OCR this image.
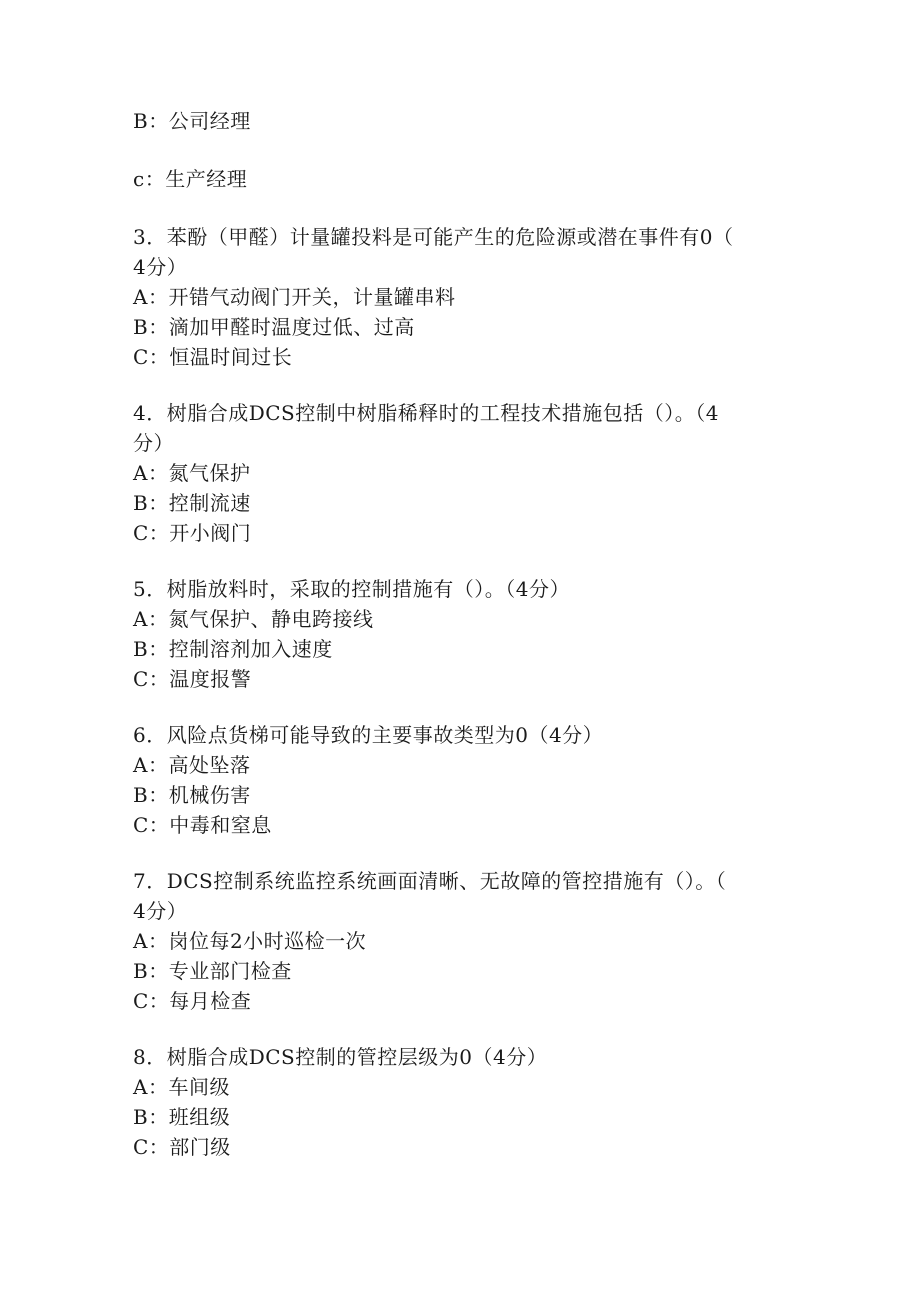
B：公司经理
c：生产经理
3．苯酚（甲醛）计量罐投料是可能产生的危险源或潜在事件有0（
4分）
A：开错气动阀门开关，计量罐串料
B：滴加甲醛时温度过低、过高
C：恒温时间过长
4．树脂合成DCS控制中树脂稀释时的工程技术措施包括（）。（4
分）
A：氮气保护
B：控制流速
C：开小阀门
5．树脂放料时，采取的控制措施有（）。（4分）
A：氮气保护、静电跨接线
B：控制溶剂加入速度
C：温度报警
6．风险点货梯可能导致的主要事故类型为0（4分）
A：高处坠落
B：机械伤害
C：中毒和窒息
7．DCS控制系统监控系统画面清晰、无故障的管控措施有（）。（
4分）
A：岗位每2小时巡检一次
B：专业部门检查
C：每月检查
8．树脂合成DCS控制的管控层级为0（4分）
A：车间级
B：班组级
C：部门级
